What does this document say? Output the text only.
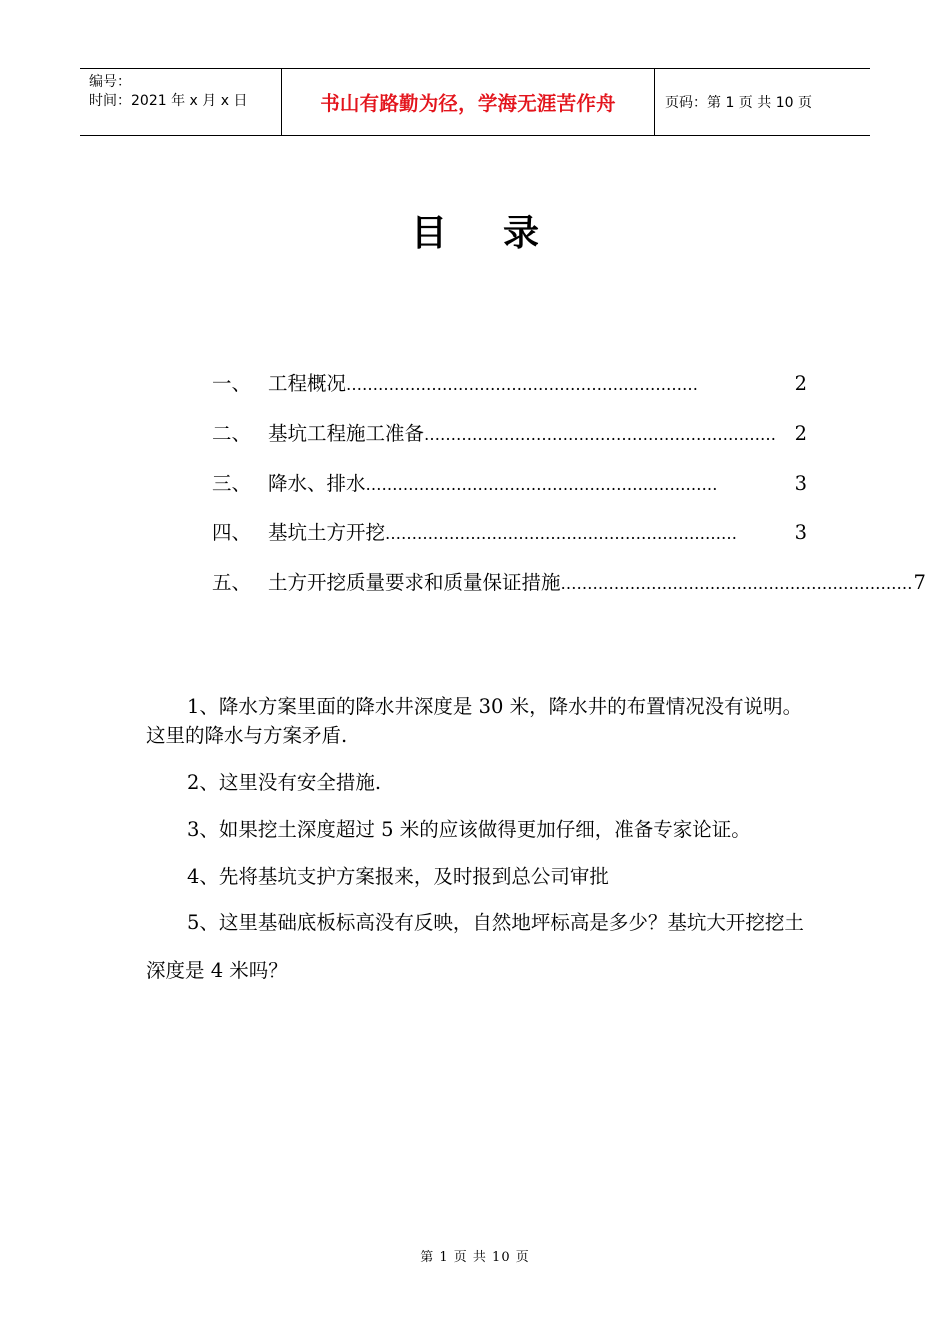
编号：
时间：2021 年 x 月 x 日	书山有路勤为径，学海无涯苦作舟	页码：第 1 页 共 10 页
目录
一、 工程概况 …………………………………………………………	2
二、 基坑工程施工准备 ………………………………………………………… 2
三、 降水、排水 …………………………………………………………	3
四、 基坑土方开挖 …………………………………………………………	3
五、 土方开挖质量要求和质量保证措施 ………………………………………………………… 7

1、降水方案里面的降水井深度是 30 米，降水井的布置情况没有说明。这里的降水与方案矛盾.

2、这里没有安全措施.

3、如果挖土深度超过 5 米的应该做得更加仔细，准备专家论证。

4、先将基坑支护方案报来，及时报到总公司审批

5、这里基础底板标高没有反映，自然地坪标高是多少？基坑大开挖挖土深度是 4 米吗？

第 1 页 共 10 页
